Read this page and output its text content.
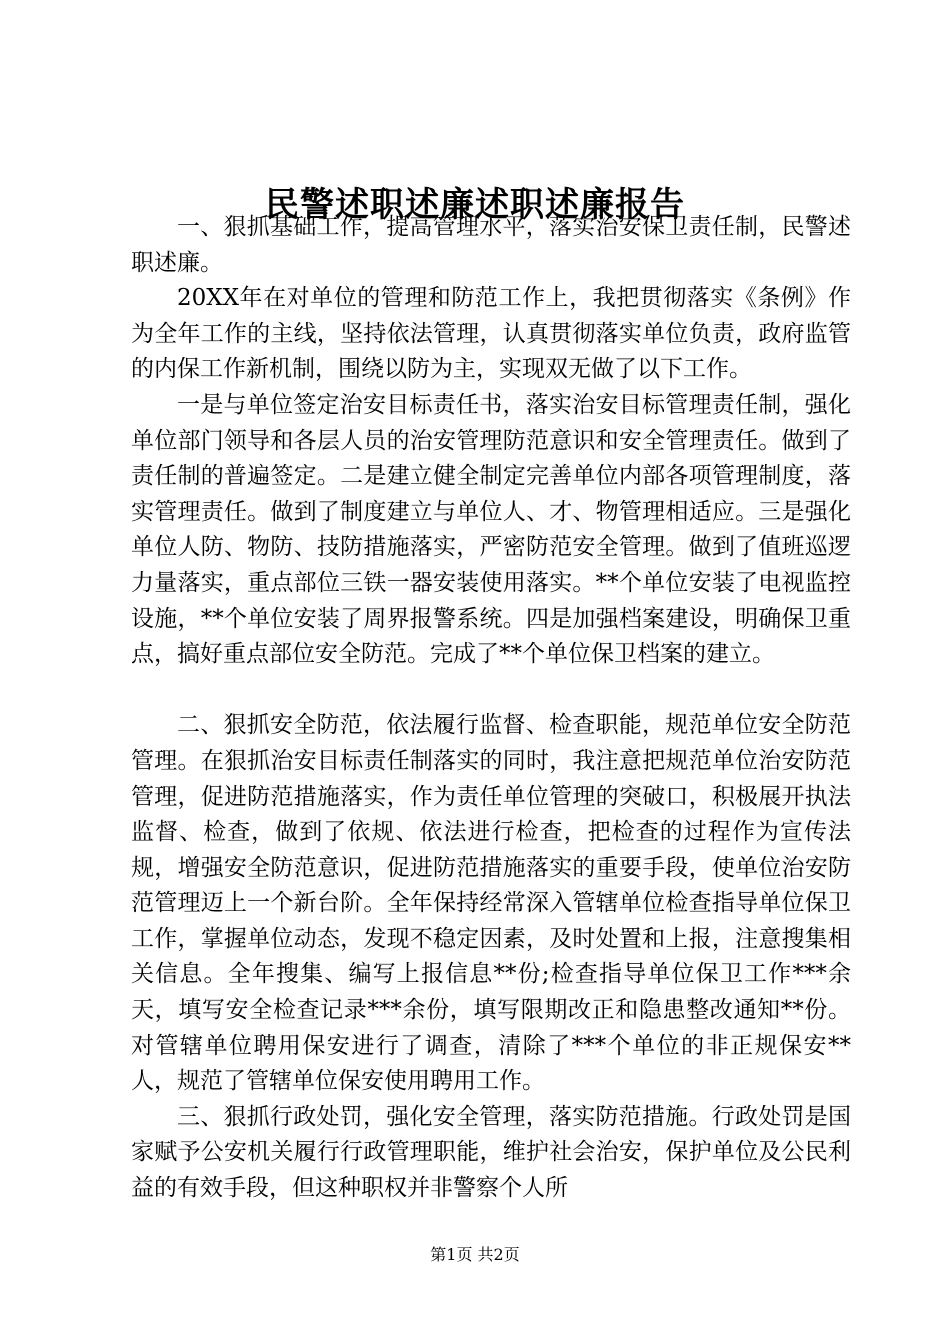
民警述职述廉述职述廉报告

一、狠抓基础工作，提高管理水平，落实治安保卫责任制，民警述职述廉。

20XX年在对单位的管理和防范工作上，我把贯彻落实《条例》作为全年工作的主线，坚持依法管理，认真贯彻落实单位负责，政府监管的内保工作新机制，围绕以防为主，实现双无做了以下工作。

一是与单位签定治安目标责任书，落实治安目标管理责任制，强化单位部门领导和各层人员的治安管理防范意识和安全管理责任。做到了责任制的普遍签定。二是建立健全制定完善单位内部各项管理制度，落实管理责任。做到了制度建立与单位人、才、物管理相适应。三是强化单位人防、物防、技防措施落实，严密防范安全管理。做到了值班巡逻力量落实，重点部位三铁一器安装使用落实。**个单位安装了电视监控设施，**个单位安装了周界报警系统。四是加强档案建设，明确保卫重点，搞好重点部位安全防范。完成了**个单位保卫档案的建立。

二、狠抓安全防范，依法履行监督、检查职能，规范单位安全防范管理。在狠抓治安目标责任制落实的同时，我注意把规范单位治安防范管理，促进防范措施落实，作为责任单位管理的突破口，积极展开执法监督、检查，做到了依规、依法进行检查，把检查的过程作为宣传法规，增强安全防范意识，促进防范措施落实的重要手段，使单位治安防范管理迈上一个新台阶。全年保持经常深入管辖单位检查指导单位保卫工作，掌握单位动态，发现不稳定因素，及时处置和上报，注意搜集相关信息。全年搜集、编写上报信息**份;检查指导单位保卫工作***余天，填写安全检查记录***余份，填写限期改正和隐患整改通知**份。对管辖单位聘用保安进行了调查，清除了***个单位的非正规保安**人，规范了管辖单位保安使用聘用工作。

三、狠抓行政处罚，强化安全管理，落实防范措施。行政处罚是国家赋予公安机关履行行政管理职能，维护社会治安，保护单位及公民利益的有效手段，但这种职权并非警察个人所

第1页 共2页
